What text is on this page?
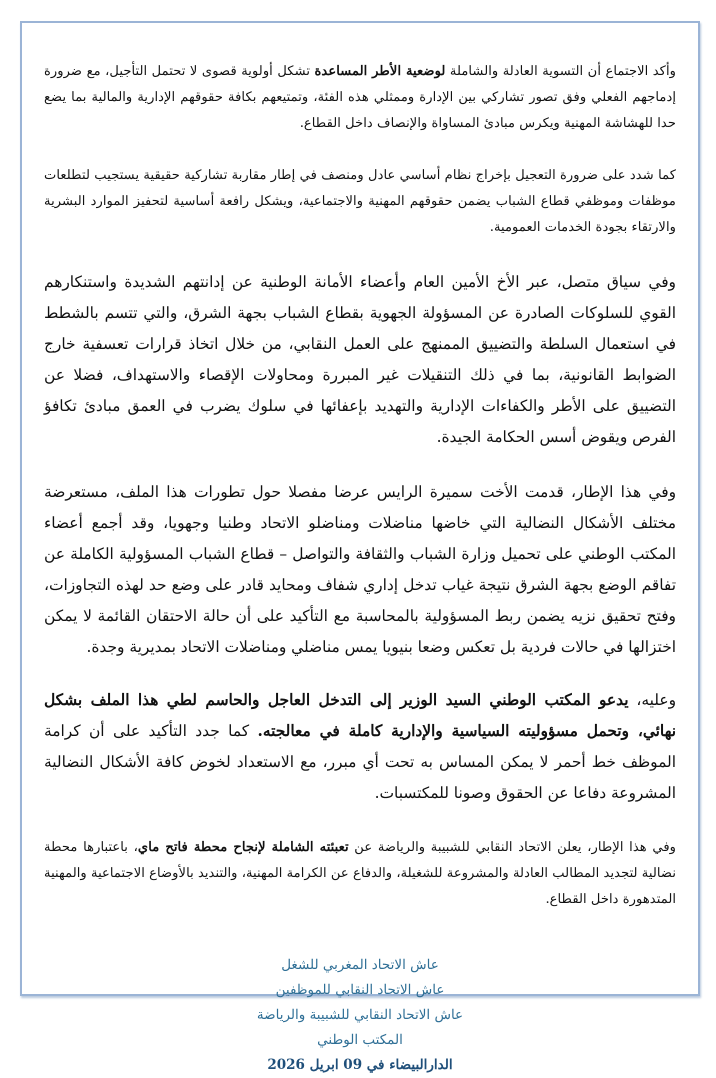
وأكد الاجتماع أن التسوية العادلة والشاملة لوضعية الأطر المساعدة تشكل أولوية قصوى لا تحتمل التأجيل، مع ضرورة إدماجهم الفعلي وفق تصور تشاركي بين الإدارة وممثلي هذه الفئة، وتمتيعهم بكافة حقوقهم الإدارية والمالية بما يضع حدا للهشاشة المهنية ويكرس مبادئ المساواة والإنصاف داخل القطاع.

كما شدد على ضرورة التعجيل بإخراج نظام أساسي عادل ومنصف في إطار مقاربة تشاركية حقيقية يستجيب لتطلعات موظفات وموظفي قطاع الشباب يضمن حقوقهم المهنية والاجتماعية، ويشكل رافعة أساسية لتحفيز الموارد البشرية والارتقاء بجودة الخدمات العمومية.

وفي سياق متصل، عبر الأخ الأمين العام وأعضاء الأمانة الوطنية عن إدانتهم الشديدة واستنكارهم القوي للسلوكات الصادرة عن المسؤولة الجهوية بقطاع الشباب بجهة الشرق، والتي تتسم بالشطط في استعمال السلطة والتضييق الممنهج على العمل النقابي، من خلال اتخاذ قرارات تعسفية خارج الضوابط القانونية، بما في ذلك التنقيلات غير المبررة ومحاولات الإقصاء والاستهداف، فضلا عن التضييق على الأطر والكفاءات الإدارية والتهديد بإعفائها في سلوك يضرب في العمق مبادئ تكافؤ الفرص ويقوض أسس الحكامة الجيدة.

وفي هذا الإطار، قدمت الأخت سميرة الرايس عرضا مفصلا حول تطورات هذا الملف، مستعرضة مختلف الأشكال النضالية التي خاضها مناضلات ومناضلو الاتحاد وطنيا وجهويا، وقد أجمع أعضاء المكتب الوطني على تحميل وزارة الشباب والثقافة والتواصل – قطاع الشباب المسؤولية الكاملة عن تفاقم الوضع بجهة الشرق نتيجة غياب تدخل إداري شفاف ومحايد قادر على وضع حد لهذه التجاوزات، وفتح تحقيق نزيه يضمن ربط المسؤولية بالمحاسبة مع التأكيد على أن حالة الاحتقان القائمة لا يمكن اختزالها في حالات فردية بل تعكس وضعا بنيويا يمس مناضلي ومناضلات الاتحاد بمديرية وجدة.

وعليه، يدعو المكتب الوطني السيد الوزير إلى التدخل العاجل والحاسم لطي هذا الملف بشكل نهائي، وتحمل مسؤوليته السياسية والإدارية كاملة في معالجته. كما جدد التأكيد على أن كرامة الموظف خط أحمر لا يمكن المساس به تحت أي مبرر، مع الاستعداد لخوض كافة الأشكال النضالية المشروعة دفاعا عن الحقوق وصونا للمكتسبات.

وفي هذا الإطار، يعلن الاتحاد النقابي للشبيبة والرياضة عن تعبئته الشاملة لإنجاح محطة فاتح ماي، باعتبارها محطة نضالية لتجديد المطالب العادلة والمشروعة للشغيلة، والدفاع عن الكرامة المهنية، والتنديد بالأوضاع الاجتماعية والمهنية المتدهورة داخل القطاع.

عاش الاتحاد المغربي للشغل
عاش الاتحاد النقابي للموظفين
عاش الاتحاد النقابي للشبيبة والرياضة
المكتب الوطني
الدارالبيضاء في 09 ابريل 2026
